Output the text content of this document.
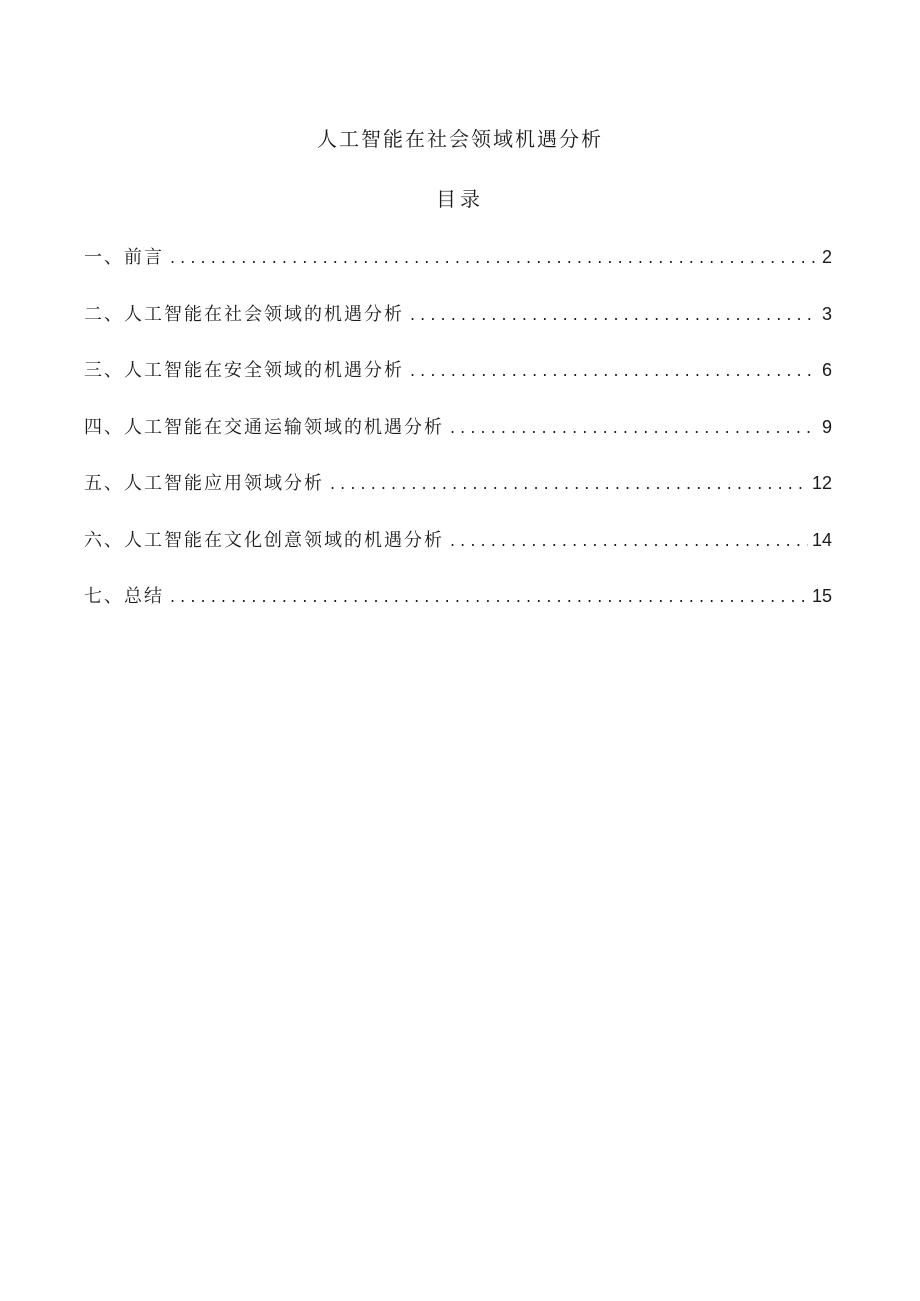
人工智能在社会领域机遇分析
目录
一、前言 . . .	2
二、人工智能在社会领域的机遇分析 . . .	3
三、人工智能在安全领域的机遇分析 . . .	6
四、人工智能在交通运输领域的机遇分析 . . .	9
五、人工智能应用领域分析 . . .	12
六、人工智能在文化创意领域的机遇分析 . . .	14
七、总结 . . .	15
